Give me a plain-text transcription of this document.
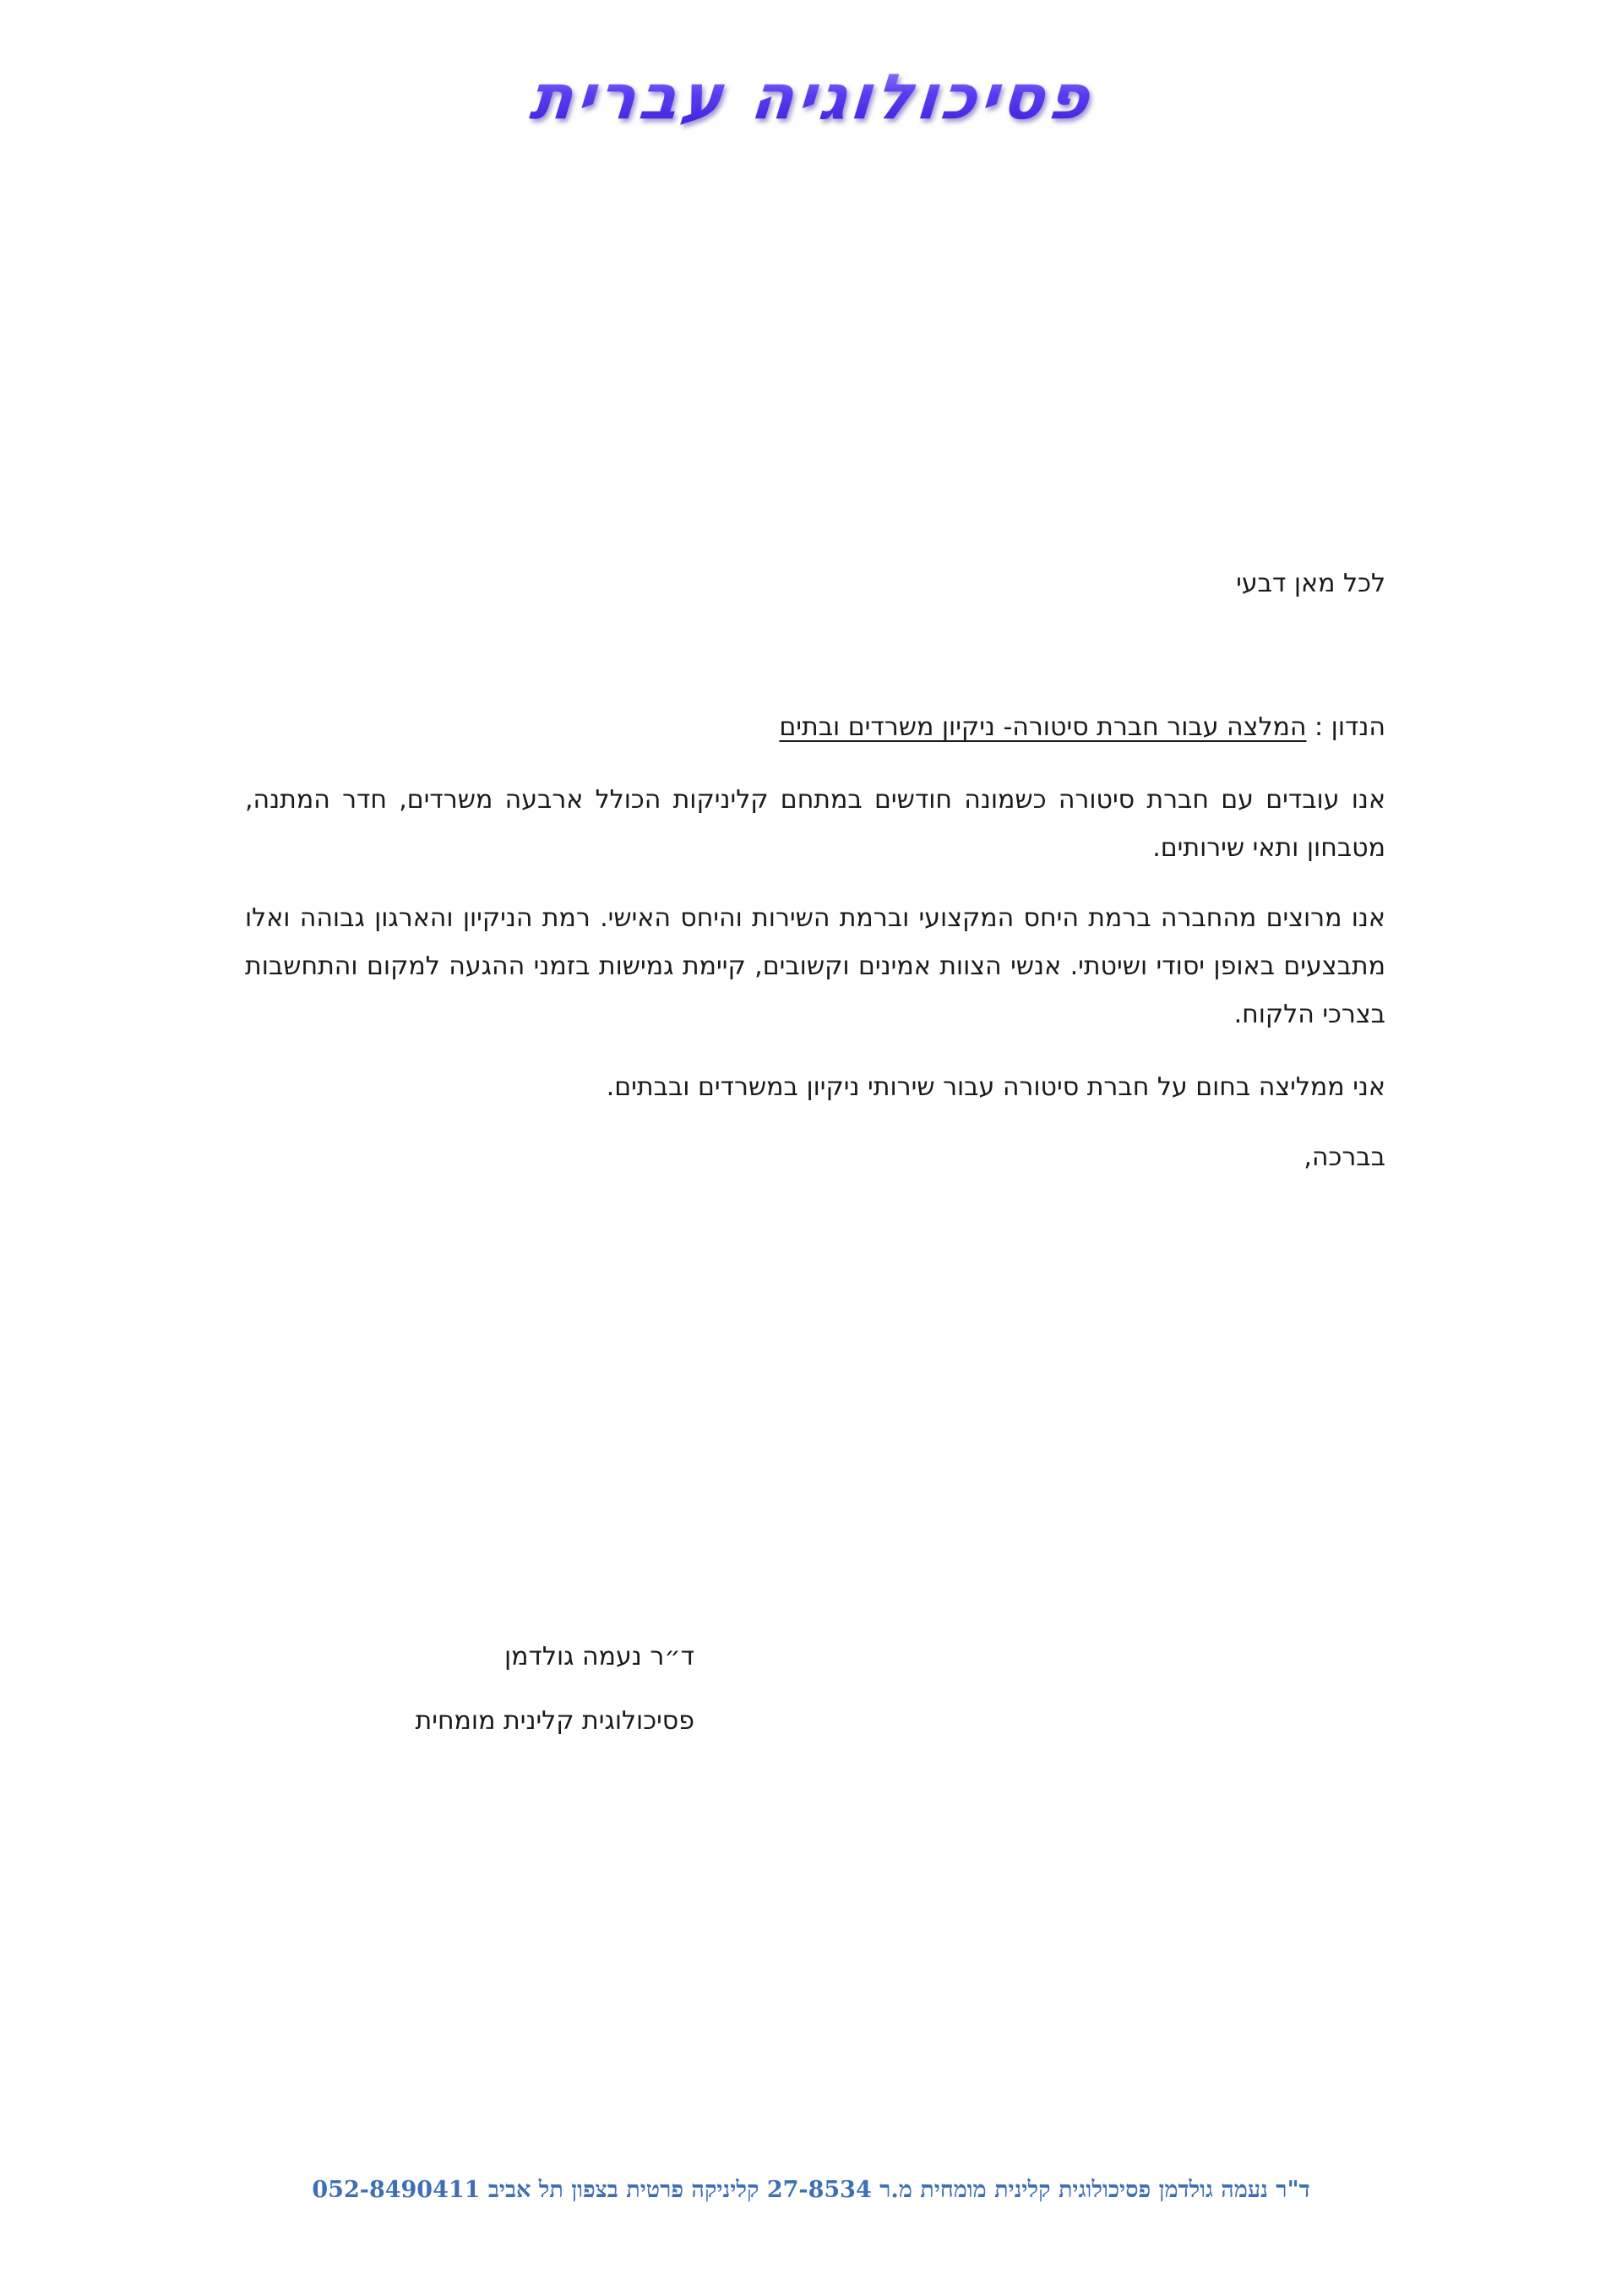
פסיכולוגיה עברית
לכל מאן דבעי
הנדון : המלצה עבור חברת סיטורה- ניקיון משרדים ובתים
אנו עובדים עם חברת סיטורה כשמונה חודשים במתחם קליניקות הכולל ארבעה משרדים, חדר המתנה, מטבחון ותאי שירותים.
אנו מרוצים מהחברה ברמת היחס המקצועי וברמת השירות והיחס האישי. רמת הניקיון והארגון גבוהה ואלו מתבצעים באופן יסודי ושיטתי. אנשי הצוות אמינים וקשובים, קיימת גמישות בזמני ההגעה למקום והתחשבות בצרכי הלקוח.
אני ממליצה בחום על חברת סיטורה עבור שירותי ניקיון במשרדים ובבתים.
בברכה,
ד״ר נעמה גולדמן
פסיכולוגית קלינית מומחית
ד"ר נעמה גולדמן פסיכולוגית קלינית מומחית מ.ר 27-8534 קליניקה פרטית בצפון תל אביב 052-8490411
